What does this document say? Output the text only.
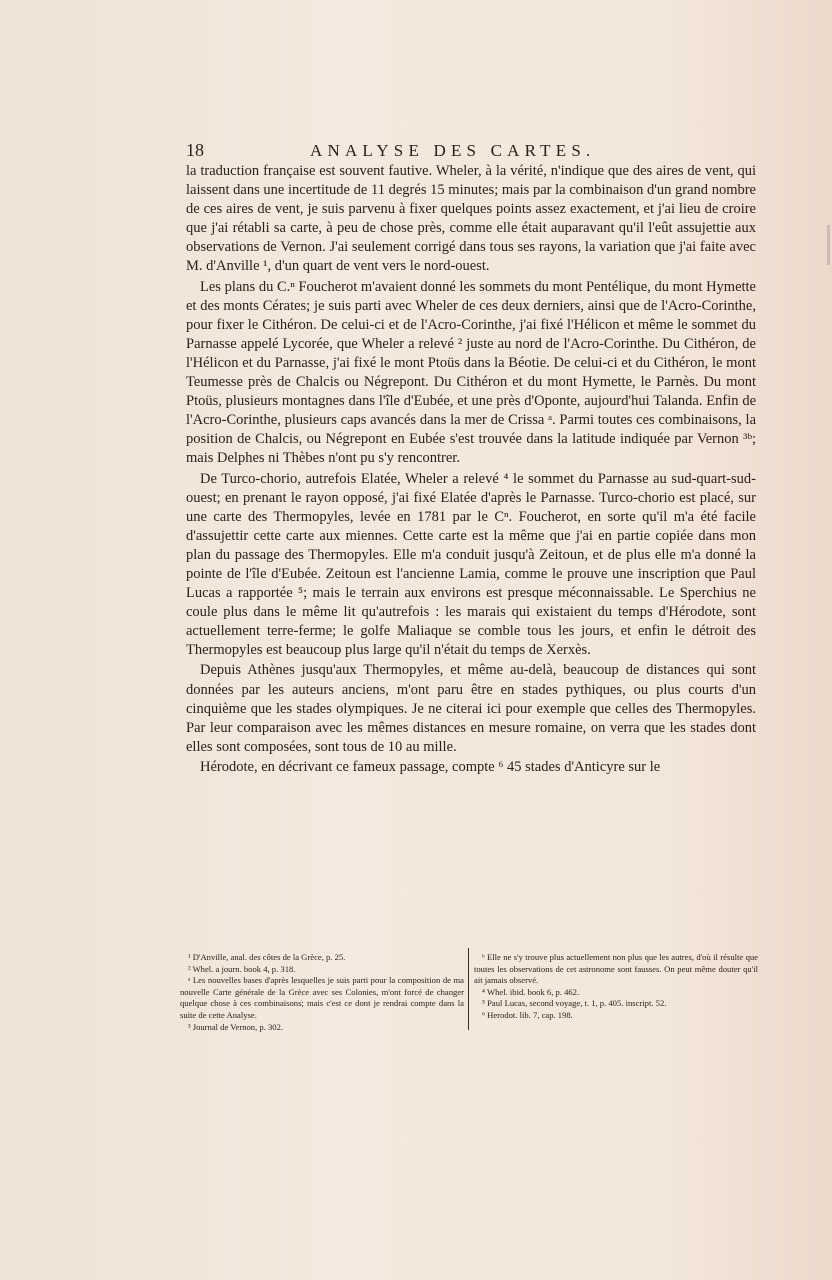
18	ANALYSE DES CARTES.

la traduction française est souvent fautive. Wheler, à la vérité, n'indique que des aires de vent, qui laissent dans une incertitude de 11 degrés 15 minutes; mais par la combinaison d'un grand nombre de ces aires de vent, je suis parvenu à fixer quelques points assez exactement, et j'ai lieu de croire que j'ai rétabli sa carte, à peu de chose près, comme elle était auparavant qu'il l'eût assujettie aux observations de Vernon. J'ai seulement corrigé dans tous ses rayons, la variation que j'ai faite avec M. d'Anville ¹, d'un quart de vent vers le nord-ouest.

Les plans du C.ⁿ Foucherot m'avaient donné les sommets du mont Pentélique, du mont Hymette et des monts Cérates; je suis parti avec Wheler de ces deux derniers, ainsi que de l'Acro-Corinthe, pour fixer le Cithéron. De celui-ci et de l'Acro-Corinthe, j'ai fixé l'Hélicon et même le sommet du Parnasse appelé Lycorée, que Wheler a relevé ² juste au nord de l'Acro-Corinthe. Du Cithéron, de l'Hélicon et du Parnasse, j'ai fixé le mont Ptoüs dans la Béotie. De celui-ci et du Cithéron, le mont Teumesse près de Chalcis ou Négrepont. Du Cithéron et du mont Hymette, le Parnès. Du mont Ptoüs, plusieurs montagnes dans l'île d'Eubée, et une près d'Oponte, aujourd'hui Talanda. Enfin de l'Acro-Corinthe, plusieurs caps avancés dans la mer de Crissa ᵃ. Parmi toutes ces combinaisons, la position de Chalcis, ou Négrepont en Eubée s'est trouvée dans la latitude indiquée par Vernon ³ᵇ; mais Delphes ni Thèbes n'ont pu s'y rencontrer.

De Turco-chorio, autrefois Elatée, Wheler a relevé ⁴ le sommet du Parnasse au sud-quart-sud-ouest; en prenant le rayon opposé, j'ai fixé Elatée d'après le Parnasse. Turco-chorio est placé, sur une carte des Thermopyles, levée en 1781 par le Cⁿ. Foucherot, en sorte qu'il m'a été facile d'assujettir cette carte aux miennes. Cette carte est la même que j'ai en partie copiée dans mon plan du passage des Thermopyles. Elle m'a conduit jusqu'à Zeitoun, et de plus elle m'a donné la pointe de l'île d'Eubée. Zeitoun est l'ancienne Lamia, comme le prouve une inscription que Paul Lucas a rapportée ⁵; mais le terrain aux environs est presque méconnaissable. Le Sperchius ne coule plus dans le même lit qu'autrefois : les marais qui existaient du temps d'Hérodote, sont actuellement terre-ferme; le golfe Maliaque se comble tous les jours, et enfin le détroit des Thermopyles est beaucoup plus large qu'il n'était du temps de Xerxès.

Depuis Athènes jusqu'aux Thermopyles, et même au-delà, beaucoup de distances qui sont données par les auteurs anciens, m'ont paru être en stades pythiques, ou plus courts d'un cinquième que les stades olympiques. Je ne citerai ici pour exemple que celles des Thermopyles. Par leur comparaison avec les mêmes distances en mesure romaine, on verra que les stades dont elles sont composées, sont tous de 10 au mille.

Hérodote, en décrivant ce fameux passage, compte ⁶ 45 stades d'Anticyre sur le

¹ D'Anville, anal. des côtes de la Grèce, p. 25.

² Whel. a journ. book 4, p. 318.

ᵃ Les nouvelles bases d'après lesquelles je suis parti pour la composition de ma nouvelle Carte générale de la Grèce avec ses Colonies, m'ont forcé de changer quelque chose à ces combinaisons; mais c'est ce dont je rendrai compte dans la suite de cette Analyse.

³ Journal de Vernon, p. 302.

ᵇ Elle ne s'y trouve plus actuellement non plus que les autres, d'où il résulte que toutes les observations de cet astronome sont fausses. On peut même douter qu'il ait jamais observé.

⁴ Whel. ibid. book 6, p. 462.

⁵ Paul Lucas, second voyage, t. 1, p. 405. inscript. 52.

⁶ Herodot. lib. 7, cap. 198.
